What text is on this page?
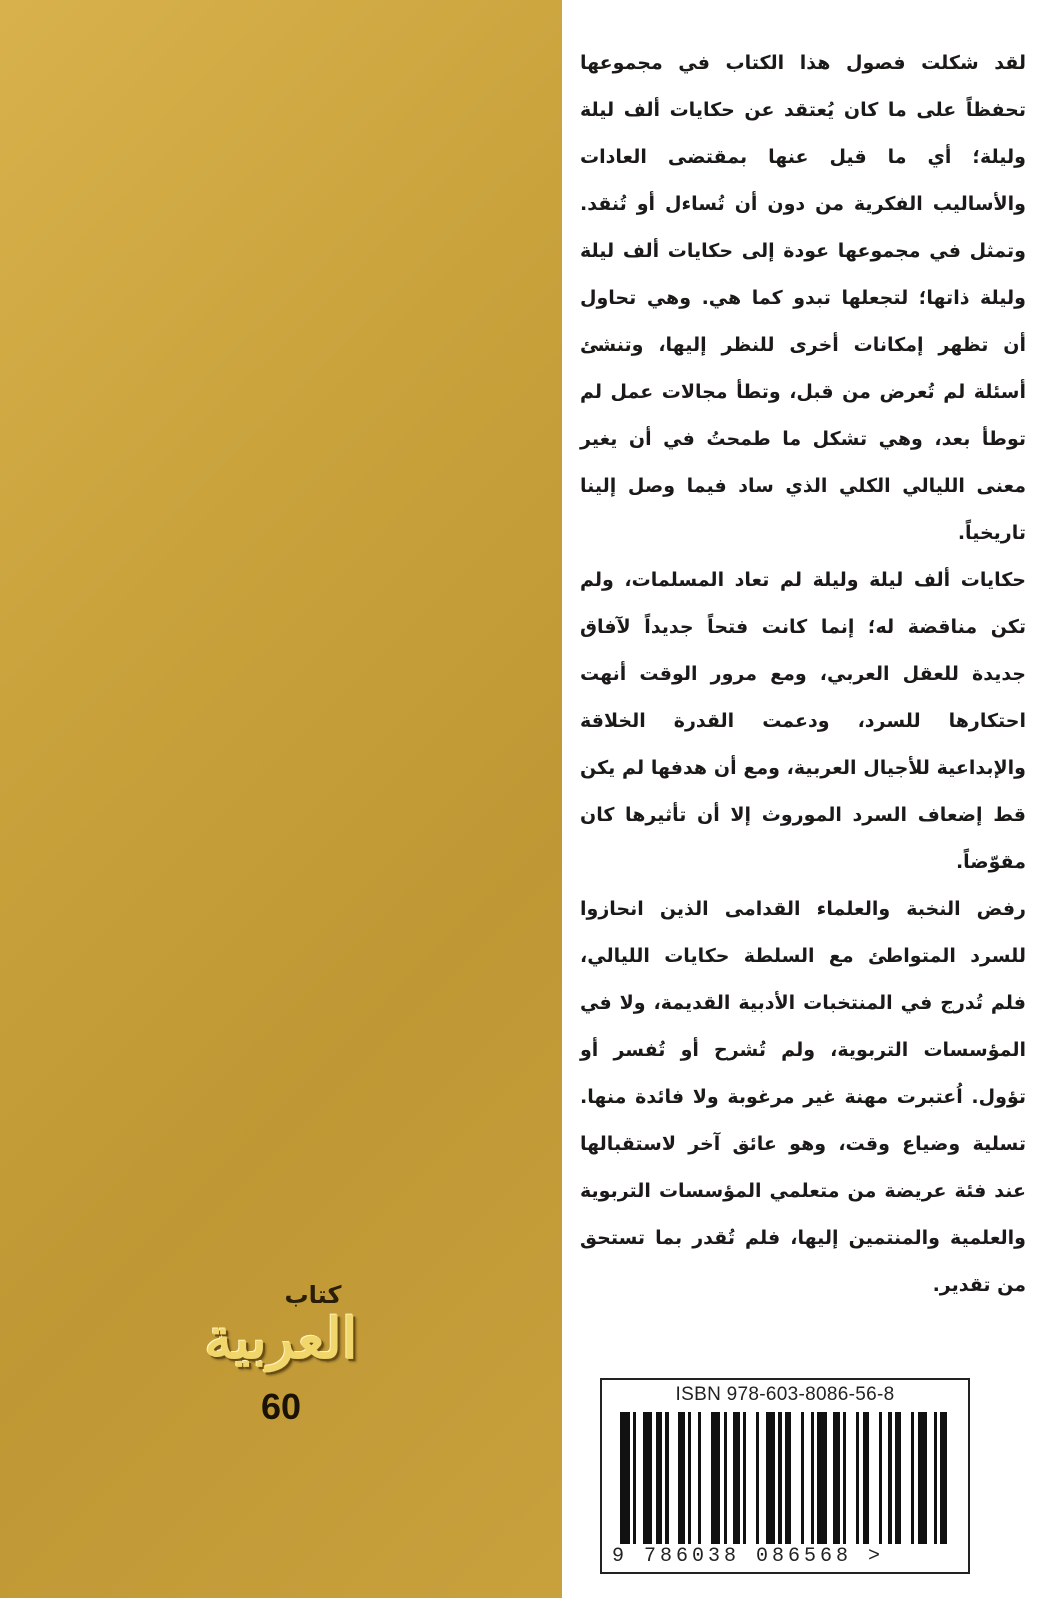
كتاب
العربية
60

لقد شكلت فصول هذا الكتاب في مجموعها تحفظاً على ما كان يُعتقد عن حكايات ألف ليلة وليلة؛ أي ما قيل عنها بمقتضى العادات والأساليب الفكرية من دون أن تُساءل أو تُنقد. وتمثل في مجموعها عودة إلى حكايات ألف ليلة وليلة ذاتها؛ لتجعلها تبدو كما هي. وهي تحاول أن تظهر إمكانات أخرى للنظر إليها، وتنشئ أسئلة لم تُعرض من قبل، وتطأ مجالات عمل لم توطأ بعد، وهي تشكل ما طمحتُ في أن يغير معنى الليالي الكلي الذي ساد فيما وصل إلينا تاريخياً.

حكايات ألف ليلة وليلة لم تعاد المسلمات، ولم تكن مناقضة له؛ إنما كانت فتحاً جديداً لآفاق جديدة للعقل العربي، ومع مرور الوقت أنهت احتكارها للسرد، ودعمت القدرة الخلاقة والإبداعية للأجيال العربية، ومع أن هدفها لم يكن قط إضعاف السرد الموروث إلا أن تأثيرها كان مقوّضاً.

رفض النخبة والعلماء القدامى الذين انحازوا للسرد المتواطئ مع السلطة حكايات الليالي، فلم تُدرج في المنتخبات الأدبية القديمة، ولا في المؤسسات التربوية، ولم تُشرح أو تُفسر أو تؤول. اُعتبرت مهنة غير مرغوبة ولا فائدة منها. تسلية وضياع وقت، وهو عائق آخر لاستقبالها عند فئة عريضة من متعلمي المؤسسات التربوية والعلمية والمنتمين إليها، فلم تُقدر بما تستحق من تقدير.

ISBN 978-603-8086-56-8
9 786038 086568 >
